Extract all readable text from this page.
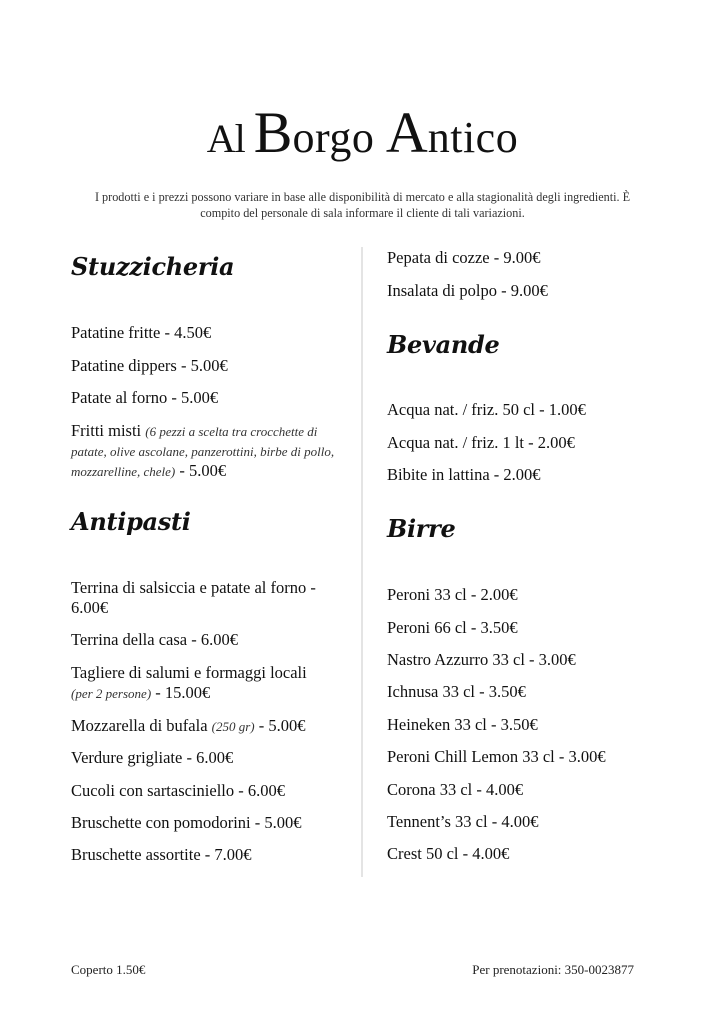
Al Borgo Antico
I prodotti e i prezzi possono variare in base alle disponibilità di mercato e alla stagionalità degli ingredienti. È compito del personale di sala informare il cliente di tali variazioni.
Stuzzicheria
Patatine fritte - 4.50€
Patatine dippers - 5.00€
Patate al forno - 5.00€
Fritti misti (6 pezzi a scelta tra crocchette di patate, olive ascolane, panzerottini, birbe di pollo, mozzarelline, chele) - 5.00€
Antipasti
Terrina di salsiccia e patate al forno - 6.00€
Terrina della casa - 6.00€
Tagliere di salumi e formaggi locali
(per 2 persone) - 15.00€
Mozzarella di bufala (250 gr) - 5.00€
Verdure grigliate - 6.00€
Cucoli con sartasciniello - 6.00€
Bruschette con pomodorini - 5.00€
Bruschette assortite - 7.00€
Pepata di cozze - 9.00€
Insalata di polpo - 9.00€
Bevande
Acqua nat. / friz. 50 cl - 1.00€
Acqua nat. / friz. 1 lt - 2.00€
Bibite in lattina - 2.00€
Birre
Peroni 33 cl - 2.00€
Peroni 66 cl - 3.50€
Nastro Azzurro 33 cl - 3.00€
Ichnusa 33 cl - 3.50€
Heineken 33 cl - 3.50€
Peroni Chill Lemon 33 cl - 3.00€
Corona 33 cl - 4.00€
Tennent’s 33 cl - 4.00€
Crest 50 cl - 4.00€
Coperto 1.50€	Per prenotazioni: 350-0023877
